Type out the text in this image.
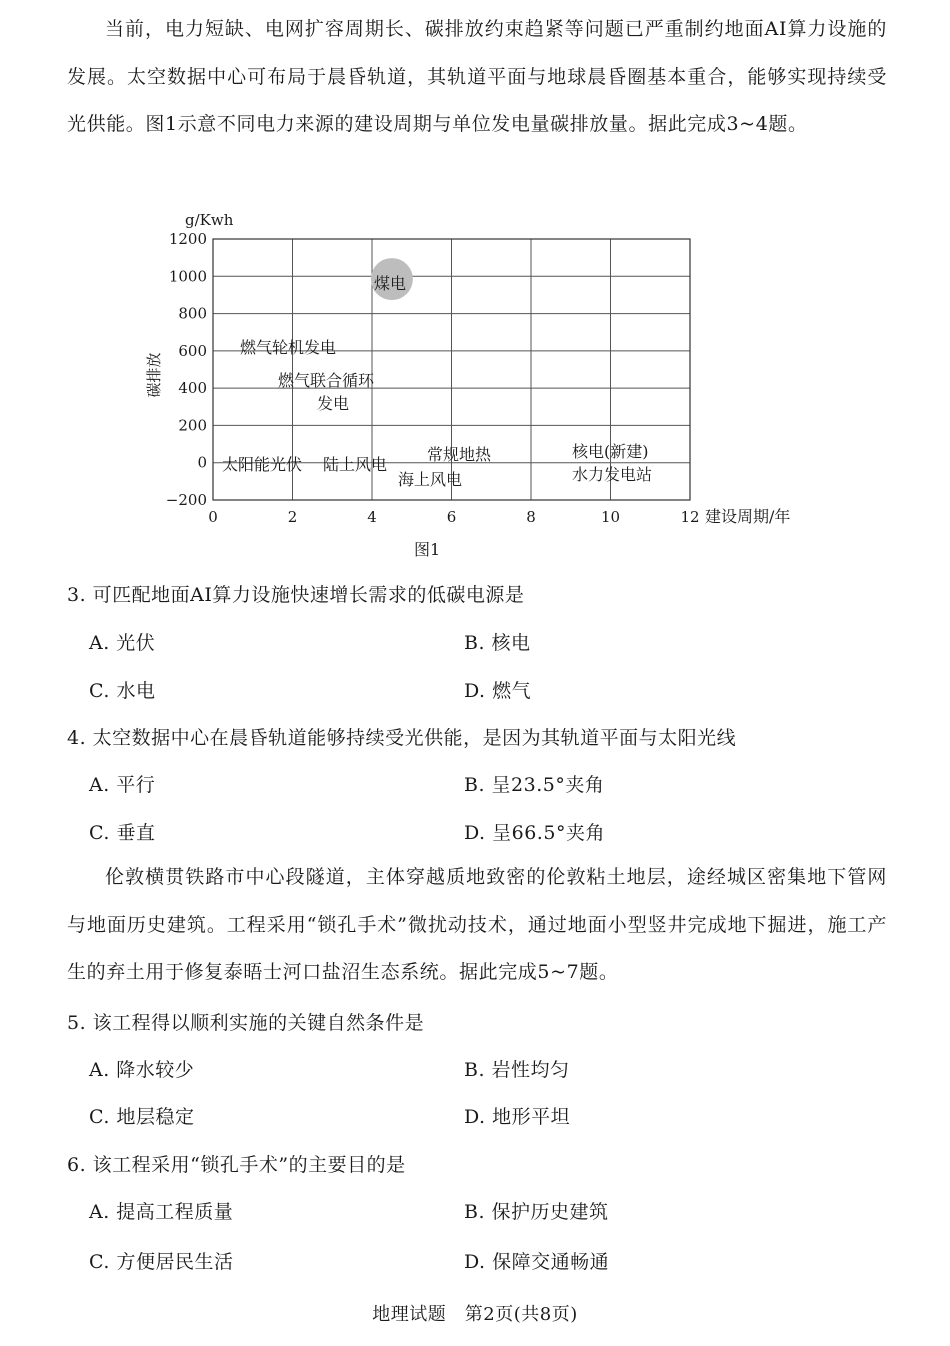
当前，电力短缺、电网扩容周期长、碳排放约束趋紧等问题已严重制约地面AI算力设施的发展。太空数据中心可布局于晨昏轨道，其轨道平面与地球晨昏圈基本重合，能够实现持续受光供能。图1示意不同电力来源的建设周期与单位发电量碳排放量。据此完成3~4题。

g/Kwh
碳排放
建设周期/年
0	2	4	6	8	10	12
−200
0
200
400
600
800
1000
1200
煤电
燃气轮机发电
燃气联合循环
发电
太阳能光伏 陆上风电
常规地热
海上风电
核电(新建)
水力发电站

图1

3. 可匹配地面AI算力设施快速增长需求的低碳电源是

A. 光伏	B. 核电

C. 水电	D. 燃气

4. 太空数据中心在晨昏轨道能够持续受光供能，是因为其轨道平面与太阳光线

A. 平行	B. 呈23.5°夹角

C. 垂直	D. 呈66.5°夹角

伦敦横贯铁路市中心段隧道，主体穿越质地致密的伦敦粘土地层，途经城区密集地下管网与地面历史建筑。工程采用“锁孔手术”微扰动技术，通过地面小型竖井完成地下掘进，施工产生的弃土用于修复泰晤士河口盐沼生态系统。据此完成5~7题。

5. 该工程得以顺利实施的关键自然条件是

A. 降水较少	B. 岩性均匀

C. 地层稳定	D. 地形平坦

6. 该工程采用“锁孔手术”的主要目的是

A. 提高工程质量	B. 保护历史建筑

C. 方便居民生活	D. 保障交通畅通

地理试题　第2页(共8页)
